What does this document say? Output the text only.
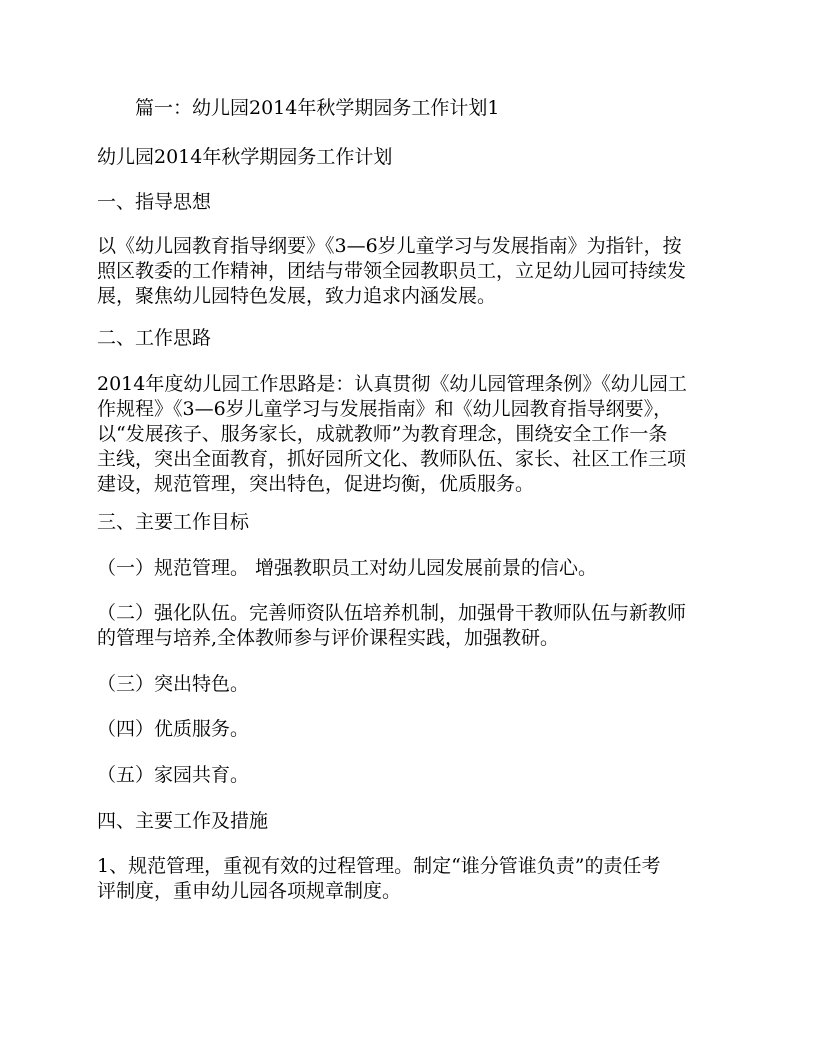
篇一：幼儿园2014年秋学期园务工作计划1
幼儿园2014年秋学期园务工作计划
一、指导思想
以《幼儿园教育指导纲要》《3—6岁儿童学习与发展指南》为指针，按
照区教委的工作精神，团结与带领全园教职员工，立足幼儿园可持续发
展，聚焦幼儿园特色发展，致力追求内涵发展。
二、工作思路
2014年度幼儿园工作思路是：认真贯彻《幼儿园管理条例》《幼儿园工
作规程》《3—6岁儿童学习与发展指南》和《幼儿园教育指导纲要》，
以“发展孩子、服务家长，成就教师”为教育理念，围绕安全工作一条
主线，突出全面教育，抓好园所文化、教师队伍、家长、社区工作三项
建设，规范管理，突出特色，促进均衡，优质服务。
三、主要工作目标
（一）规范管理。 增强教职员工对幼儿园发展前景的信心。
（二）强化队伍。完善师资队伍培养机制，加强骨干教师队伍与新教师
的管理与培养,全体教师参与评价课程实践，加强教研。
（三）突出特色。
（四）优质服务。
（五）家园共育。
四、主要工作及措施
1、规范管理，重视有效的过程管理。制定“谁分管谁负责”的责任考
评制度，重申幼儿园各项规章制度。
